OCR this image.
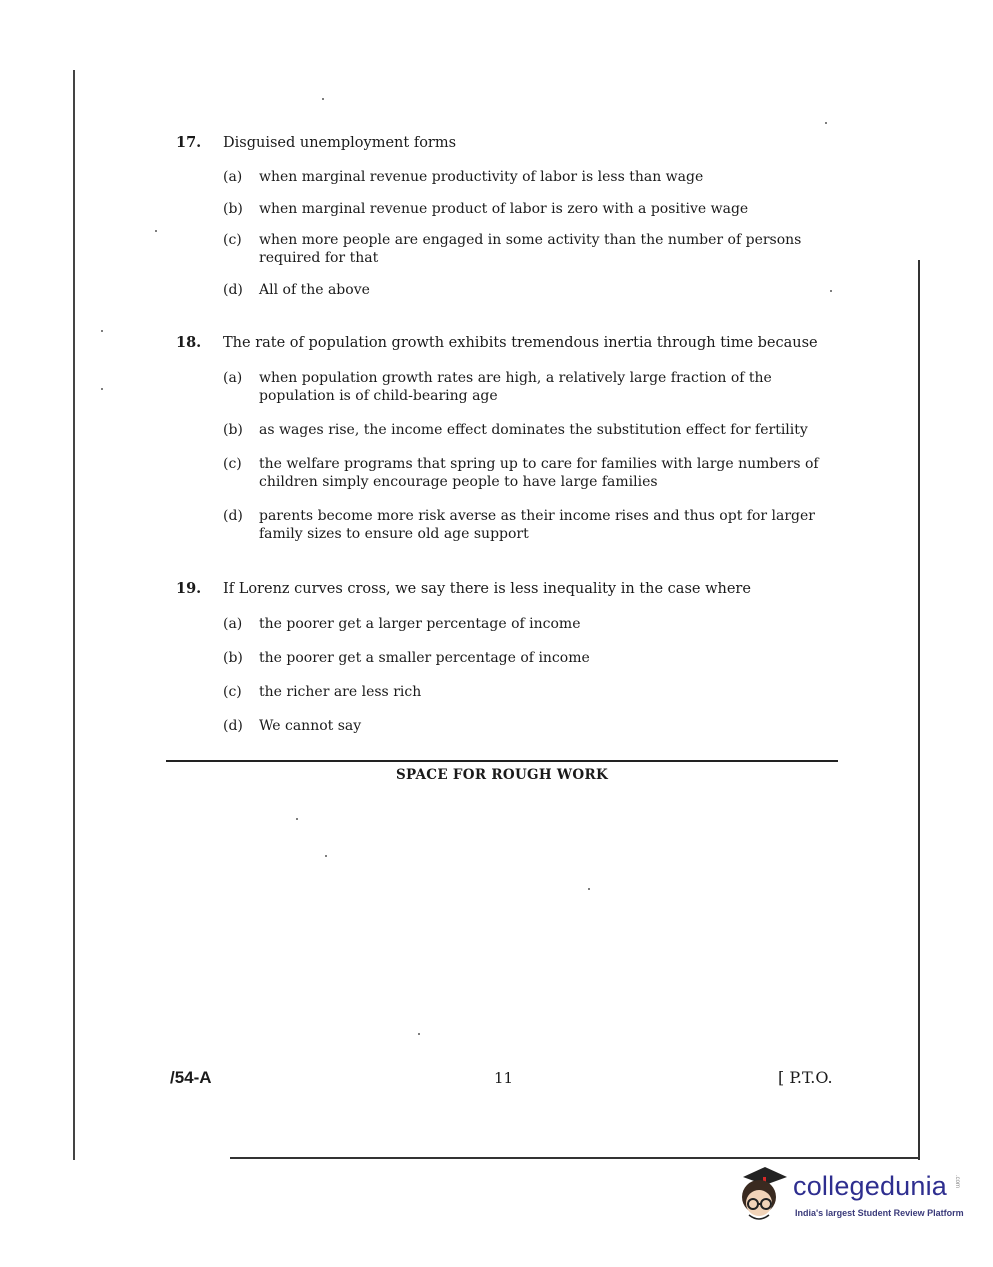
17.	Disguised unemployment forms
(a)	when marginal revenue productivity of labor is less than wage
(b)	when marginal revenue product of labor is zero with a positive wage
(c)	when more people are engaged in some activity than the number of persons required for that
(d)	All of the above
18.	The rate of population growth exhibits tremendous inertia through time because
(a)	when population growth rates are high, a relatively large fraction of the population is of child-bearing age
(b)	as wages rise, the income effect dominates the substitution effect for fertility
(c)	the welfare programs that spring up to care for families with large numbers of children simply encourage people to have large families
(d)	parents become more risk averse as their income rises and thus opt for larger family sizes to ensure old age support
19.	If Lorenz curves cross, we say there is less inequality in the case where
(a)	the poorer get a larger percentage of income
(b)	the poorer get a smaller percentage of income
(c)	the richer are less rich
(d)	We cannot say
SPACE FOR ROUGH WORK
/54-A	11	[ P.T.O.
collegedunia .com
India's largest Student Review Platform
